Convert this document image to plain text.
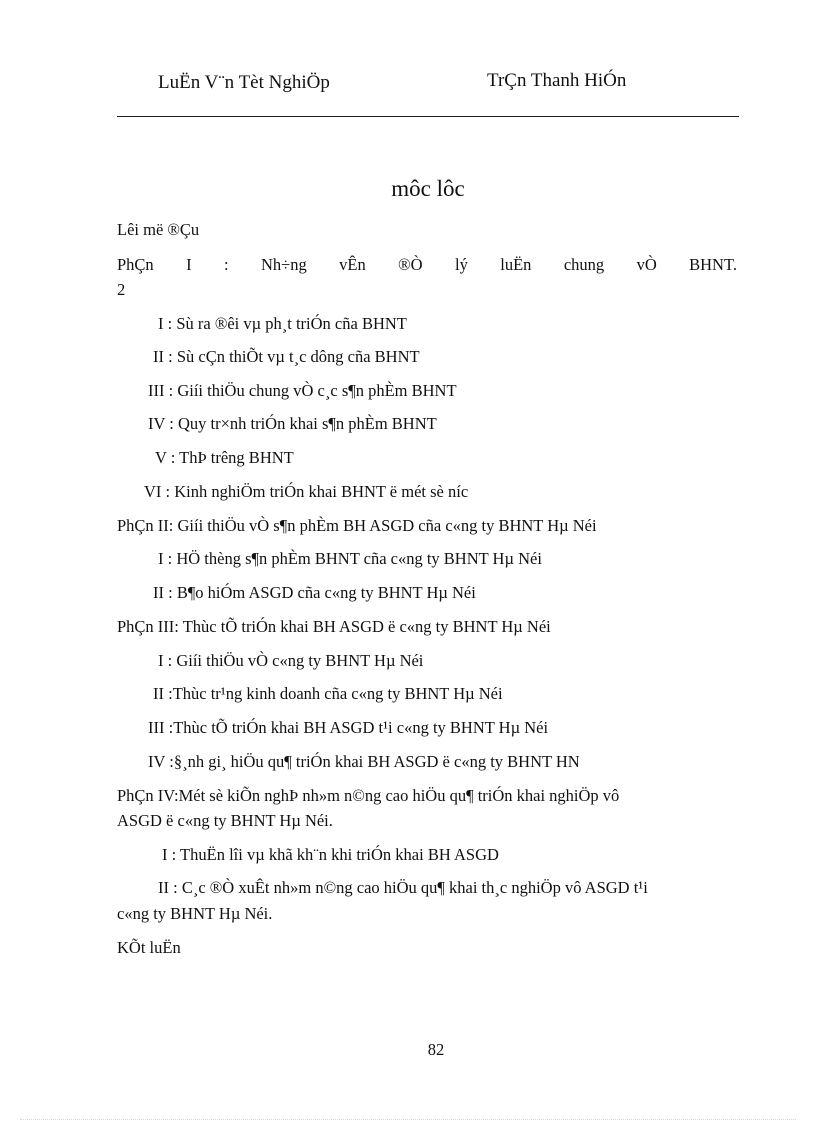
LuËn V¨n Tèt NghiÖp	TrÇn Thanh HiÓn
môc lôc
Lêi më ®Çu
PhÇn I : Nh÷ng vÊn ®Ò lý luËn chung vÒ BHNT.
2
I : Sù ra ®êi vµ ph¸t triÓn cña BHNT
II : Sù cÇn thiÕt vµ t¸c dông cña BHNT
III : Giíi thiÖu chung vÒ c¸c s¶n phÈm BHNT
IV : Quy tr×nh triÓn khai s¶n phÈm BHNT
V : ThÞ trêng BHNT
VI : Kinh nghiÖm triÓn khai BHNT ë mét sè níc
PhÇn II: Giíi thiÖu vÒ s¶n phÈm BH ASGD cña c«ng ty BHNT Hµ Néi
I : HÖ thèng s¶n phÈm BHNT cña c«ng ty BHNT Hµ Néi
II : B¶o hiÓm ASGD cña c«ng ty BHNT Hµ Néi
PhÇn III: Thùc tÕ triÓn khai BH ASGD ë c«ng ty BHNT Hµ Néi
I : Giíi thiÖu vÒ c«ng ty BHNT Hµ Néi
II :Thùc tr¹ng kinh doanh cña c«ng ty BHNT Hµ Néi
III :Thùc tÕ triÓn khai BH ASGD t¹i c«ng ty BHNT Hµ Néi
IV :§¸nh gi¸ hiÖu qu¶ triÓn khai BH ASGD ë c«ng ty BHNT HN
PhÇn IV:Mét sè kiÕn nghÞ nh»m n©ng cao hiÖu qu¶ triÓn khai nghiÖp vô
ASGD ë c«ng ty BHNT Hµ Néi.
I : ThuËn lîi vµ khã kh¨n khi triÓn khai BH ASGD
II : C¸c ®Ò xuÊt nh»m n©ng cao hiÖu qu¶ khai th¸c nghiÖp vô ASGD t¹i
c«ng ty BHNT Hµ Néi.
KÕt luËn
82
